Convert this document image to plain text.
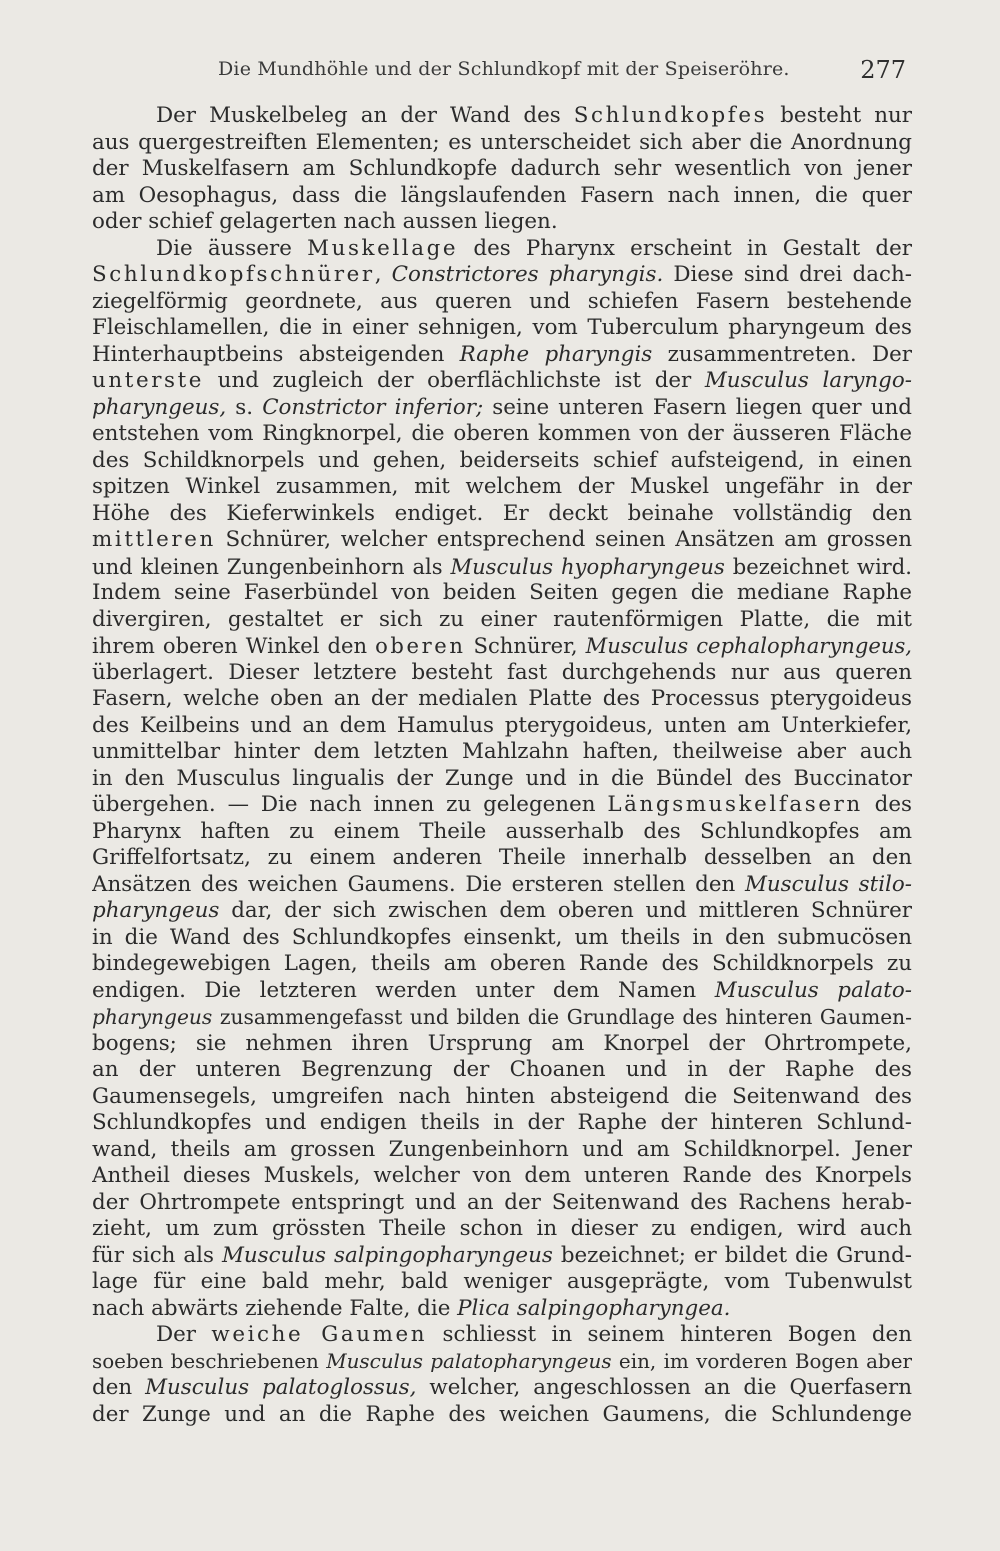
Die Mundhöhle und der Schlundkopf mit der Speiseröhre.	277
Der Muskelbeleg an der Wand des Schlundkopfes besteht nur
aus quergestreiften Elementen; es unterscheidet sich aber die Anordnung
der Muskelfasern am Schlundkopfe dadurch sehr wesentlich von jener
am Oesophagus, dass die längslaufenden Fasern nach innen, die quer
oder schief gelagerten nach aussen liegen.
Die äussere Muskellage des Pharynx erscheint in Gestalt der
Schlundkopfschnürer, Constrictores pharyngis. Diese sind drei dach-
ziegelförmig geordnete, aus queren und schiefen Fasern bestehende
Fleischlamellen, die in einer sehnigen, vom Tuberculum pharyngeum des
Hinterhauptbeins absteigenden Raphe pharyngis zusammentreten. Der
unterste und zugleich der oberflächlichste ist der Musculus laryngo-
pharyngeus, s. Constrictor inferior; seine unteren Fasern liegen quer und
entstehen vom Ringknorpel, die oberen kommen von der äusseren Fläche
des Schildknorpels und gehen, beiderseits schief aufsteigend, in einen
spitzen Winkel zusammen, mit welchem der Muskel ungefähr in der
Höhe des Kieferwinkels endiget. Er deckt beinahe vollständig den
mittleren Schnürer, welcher entsprechend seinen Ansätzen am grossen
und kleinen Zungenbeinhorn als Musculus hyopharyngeus bezeichnet wird.
Indem seine Faserbündel von beiden Seiten gegen die mediane Raphe
divergiren, gestaltet er sich zu einer rautenförmigen Platte, die mit
ihrem oberen Winkel den oberen Schnürer, Musculus cephalopharyngeus,
überlagert. Dieser letztere besteht fast durchgehends nur aus queren
Fasern, welche oben an der medialen Platte des Processus pterygoideus
des Keilbeins und an dem Hamulus pterygoideus, unten am Unterkiefer,
unmittelbar hinter dem letzten Mahlzahn haften, theilweise aber auch
in den Musculus lingualis der Zunge und in die Bündel des Buccinator
übergehen. — Die nach innen zu gelegenen Längsmuskelfasern des
Pharynx haften zu einem Theile ausserhalb des Schlundkopfes am
Griffelfortsatz, zu einem anderen Theile innerhalb desselben an den
Ansätzen des weichen Gaumens. Die ersteren stellen den Musculus stilo-
pharyngeus dar, der sich zwischen dem oberen und mittleren Schnürer
in die Wand des Schlundkopfes einsenkt, um theils in den submucösen
bindegewebigen Lagen, theils am oberen Rande des Schildknorpels zu
endigen. Die letzteren werden unter dem Namen Musculus palato-
pharyngeus zusammengefasst und bilden die Grundlage des hinteren Gaumen-
bogens; sie nehmen ihren Ursprung am Knorpel der Ohrtrompete,
an der unteren Begrenzung der Choanen und in der Raphe des
Gaumensegels, umgreifen nach hinten absteigend die Seitenwand des
Schlundkopfes und endigen theils in der Raphe der hinteren Schlund-
wand, theils am grossen Zungenbeinhorn und am Schildknorpel. Jener
Antheil dieses Muskels, welcher von dem unteren Rande des Knorpels
der Ohrtrompete entspringt und an der Seitenwand des Rachens herab-
zieht, um zum grössten Theile schon in dieser zu endigen, wird auch
für sich als Musculus salpingopharyngeus bezeichnet; er bildet die Grund-
lage für eine bald mehr, bald weniger ausgeprägte, vom Tubenwulst
nach abwärts ziehende Falte, die Plica salpingopharyngea.
Der weiche Gaumen schliesst in seinem hinteren Bogen den
soeben beschriebenen Musculus palatopharyngeus ein, im vorderen Bogen aber
den Musculus palatoglossus, welcher, angeschlossen an die Querfasern
der Zunge und an die Raphe des weichen Gaumens, die Schlundenge
